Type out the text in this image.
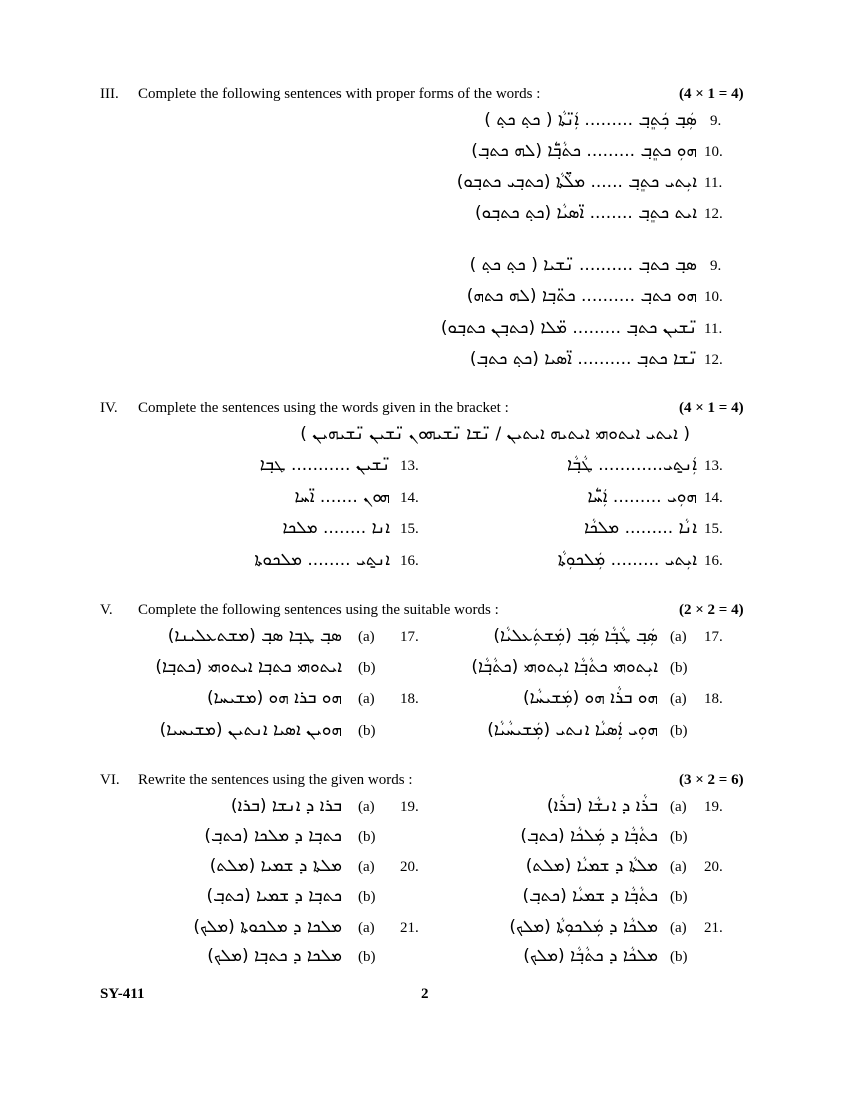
III. Complete the following sentences with proper forms of the words :	(4 × 1 = 4)
ܣܲܒ݂ ܟܲܬܸܒ݂ ......... ܐܲܢ̈ܬܵܐ ( ܟܬ݂ ܟܬ݂ ) 9.
ܗܘܼ ܟܬܸܒ݂ ......... ܟܬܵܒ݂̈ܵܐ (ܠܗ ܟܬܒ݂) 10.
ܐܝܼܬܝ ܟܬܸܒ݂ ...... ܡܠ̈ܵܬܵܐ (ܟܬܒ݂ܝ ܟܬܒ݂ܘ) 11.
ܐܝܬ ܟܬܸܒ݂ ........ ܐ̈ܣܝܵܐ (ܟܬ݂ ܟܬܒ݂ܘ) 12.
ܣܒ݂ ܟܬܒ݂ .......... ܢ̈ܫܝܐ ( ܟܬ݂ ܟܬ݂ ) 9.
ܗܘ ܟܬܒ݂ .......... ܟܬ̈ܒ݂ܐ (ܠܗ ܟܬܗ) 10.
ܢ̈ܫܝܢ ܟܬܒ݂ ......... ܡ̈ܠܐ (ܟܬܒ݂ܢ ܟܬܒ݂ܘ) 11.
ܢ̈ܫܐ ܟܬܒ݂ .......... ܐ̈ܣܝܐ (ܟܬ݂ ܟܬܒ݂) 12.
IV. Complete the sentences using the words given in the bracket :	(4 × 1 = 4)
( ܐܝܬܝ ܐܝܬܘܗܝ ܐܝܬܝܗ ܐܝܬܝܢ / ܢ̈ܫܐ ܢ̈ܫܝܗܘܢ ܢ̈ܫܝܢ ܢ̈ܫܝܗܝܢ )
ܢ̈ܫܝܢ ........... ܛܒ݂ܐ 13.
ܗܘܢ ....... ܐ̈ܚܐ 14.
ܐܢܐ ........ ܡܠܟܐ 15.
ܐܢ̱ܬܝ ........ ܡܠܟܘܬܐ 16.
ܐܲܢ̱ܬܝ............ ܛܵܒ݂ܵܐ 13.
ܗܘܼܝ ......... ܐܲܚ̈ܵܐ 14.
ܐܢܵܐ ......... ܡܠܟܵܐ 15.
ܐܝܼܬܝ ......... ܡܲܠܟܘܼܬܵܐ 16.
V. Complete the following sentences using the suitable words :	(2 × 2 = 4)
ܣܒ݂ ܛܒ݂ܐ ܣܒ݂ (ܡܫܬܥܠܝܢܐ) (a) 17.
ܐܝܬܘܗܝ ܟܬܒ݂ܐ ܐܝܬܘܗܝ (ܟܬܒ݂ܐ) (b)
ܗܘ ܒܪܐ ܗܘ (ܡܫܝܚܐ) (a) 18.
ܗܘܝܢ ܐܣܝܐ ܐܢܬܝܢ (ܡܫܝܚܝܐ) (b)
ܣܲܒ݂ ܛܵܒ݂ܵܐ ܣܲܒ݂ (ܡܲܫܬܲܥܠܝܵܐ) (a) 17.
ܐܝܼܬܘܗܝ ܟܬܵܒ݂ܵܐ ܐܝܼܬܘܗܝ (ܟܬܵܒ݂ܵܐ) (b)
ܗܘ ܒܪܵܐ ܗܘ (ܡܲܫܝܚܵܐ) (a) 18.
ܗܘܼܝ ܐܲܣܝܵܐ ܐܢܬܝ (ܡܲܫܝܚܵܝܵܐ) (b)
VI. Rewrite the sentences using the given words :	(3 × 2 = 6)
ܒܪܐ ܕ ܐܢܫܐ (ܒܪܐ) (a) 19.
ܟܬܒ݂ܐ ܕ ܡܠܟܐ (ܟܬܒ݂) (b)
ܡܠܬܐ ܕ ܫܡܝܐ (ܡܠܬ) (a) 20.
ܟܬܒ݂ܐ ܕ ܫܡܝܐ (ܟܬܒ݂) (b)
ܡܠܟܐ ܕ ܡܠܟܘܬܐ (ܡܠܟ) (a) 21.
ܡܠܟܐ ܕ ܟܬܒ݂ܐ (ܡܠܟ) (b)
ܒܪܵܐ ܕ ܐܢܫܵܐ (ܒܪܵܐ) (a) 19.
ܟܬܵܒ݂ܵܐ ܕ ܡܲܠܟܵܐ (ܟܬܒ݂) (b)
ܡܠܬܵܐ ܕ ܫܡܝܵܐ (ܡܠܬ) (a) 20.
ܟܬܵܒ݂ܵܐ ܕ ܫܡܝܵܐ (ܟܬܒ݂) (b)
ܡܠܟܵܐ ܕ ܡܲܠܟܘܼܬܵܐ (ܡܠܟ) (a) 21.
ܡܠܟܵܐ ܕ ܟܬܵܒ݂ܵܐ (ܡܠܟ) (b)
SY-411	2
